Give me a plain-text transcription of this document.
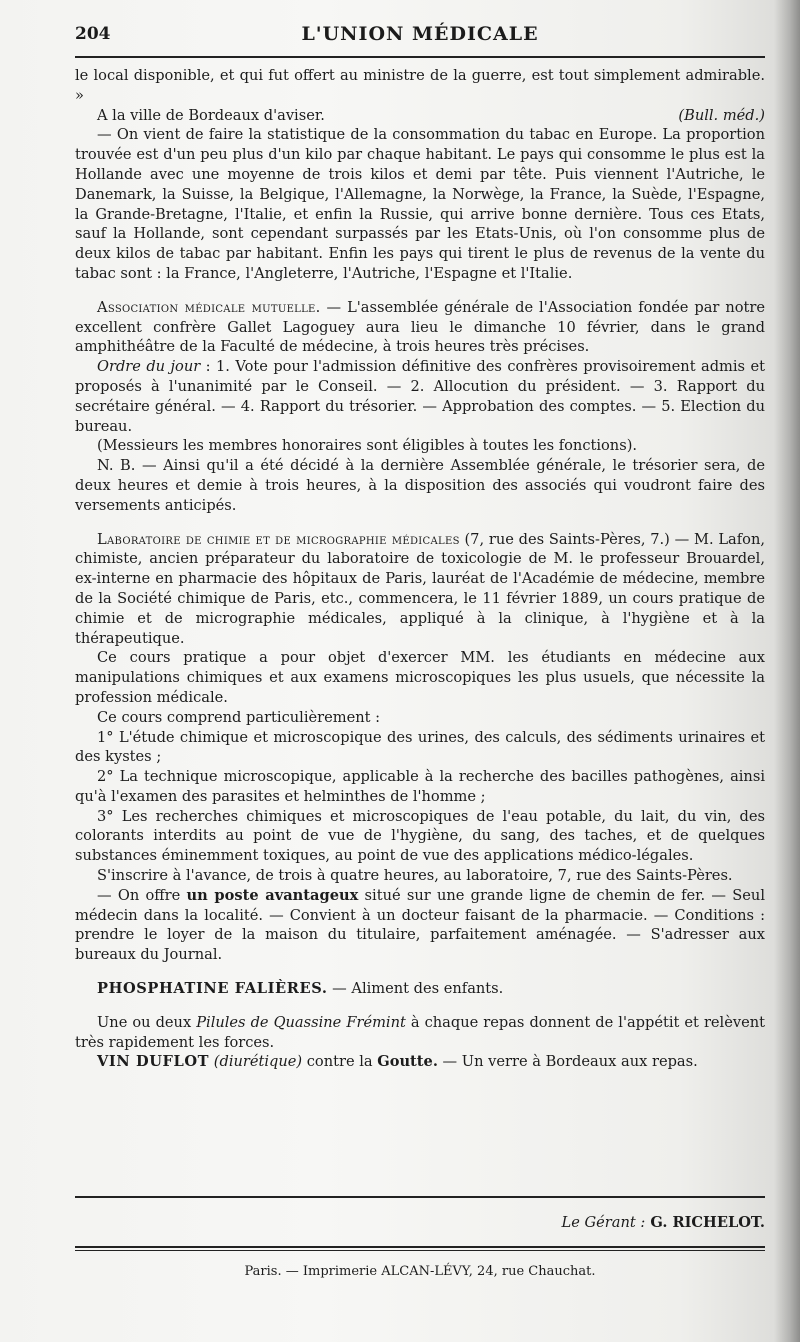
204	L'UNION MÉDICALE

le local disponible, et qui fut offert au ministre de la guerre, est tout simplement admirable. »

A la ville de Bordeaux d'aviser.	(Bull. méd.)

— On vient de faire la statistique de la consommation du tabac en Europe. La proportion trouvée est d'un peu plus d'un kilo par chaque habitant. Le pays qui consomme le plus est la Hollande avec une moyenne de trois kilos et demi par tête. Puis viennent l'Autriche, le Danemark, la Suisse, la Belgique, l'Allemagne, la Norwège, la France, la Suède, l'Espagne, la Grande-Bretagne, l'Italie, et enfin la Russie, qui arrive bonne dernière. Tous ces Etats, sauf la Hollande, sont cependant surpassés par les Etats-Unis, où l'on consomme plus de deux kilos de tabac par habitant. Enfin les pays qui tirent le plus de revenus de la vente du tabac sont : la France, l'Angleterre, l'Autriche, l'Espagne et l'Italie.

Association médicale mutuelle. — L'assemblée générale de l'Association fondée par notre excellent confrère Gallet Lagoguey aura lieu le dimanche 10 février, dans le grand amphithéâtre de la Faculté de médecine, à trois heures très précises.

Ordre du jour : 1. Vote pour l'admission définitive des confrères provisoirement admis et proposés à l'unanimité par le Conseil. — 2. Allocution du président. — 3. Rapport du secrétaire général. — 4. Rapport du trésorier. — Approbation des comptes. — 5. Election du bureau.

(Messieurs les membres honoraires sont éligibles à toutes les fonctions).

N. B. — Ainsi qu'il a été décidé à la dernière Assemblée générale, le trésorier sera, de deux heures et demie à trois heures, à la disposition des associés qui voudront faire des versements anticipés.

Laboratoire de chimie et de micrographie médicales (7, rue des Saints-Pères, 7.) — M. Lafon, chimiste, ancien préparateur du laboratoire de toxicologie de M. le professeur Brouardel, ex-interne en pharmacie des hôpitaux de Paris, lauréat de l'Académie de médecine, membre de la Société chimique de Paris, etc., commencera, le 11 février 1889, un cours pratique de chimie et de micrographie médicales, appliqué à la clinique, à l'hygiène et à la thérapeutique.

Ce cours pratique a pour objet d'exercer MM. les étudiants en médecine aux manipulations chimiques et aux examens microscopiques les plus usuels, que nécessite la profession médicale.

Ce cours comprend particulièrement :

1° L'étude chimique et microscopique des urines, des calculs, des sédiments urinaires et des kystes ;

2° La technique microscopique, applicable à la recherche des bacilles pathogènes, ainsi qu'à l'examen des parasites et helminthes de l'homme ;

3° Les recherches chimiques et microscopiques de l'eau potable, du lait, du vin, des colorants interdits au point de vue de l'hygiène, du sang, des taches, et de quelques substances éminemment toxiques, au point de vue des applications médico-légales.

S'inscrire à l'avance, de trois à quatre heures, au laboratoire, 7, rue des Saints-Pères.

— On offre un poste avantageux situé sur une grande ligne de chemin de fer. — Seul médecin dans la localité. — Convient à un docteur faisant de la pharmacie. — Conditions : prendre le loyer de la maison du titulaire, parfaitement aménagée. — S'adresser aux bureaux du Journal.

PHOSPHATINE FALIÈRES. — Aliment des enfants.

Une ou deux Pilules de Quassine Frémint à chaque repas donnent de l'appétit et relèvent très rapidement les forces.

VIN DUFLOT (diurétique) contre la Goutte. — Un verre à Bordeaux aux repas.

Le Gérant : G. RICHELOT.
Paris. — Imprimerie ALCAN-LÉVY, 24, rue Chauchat.
